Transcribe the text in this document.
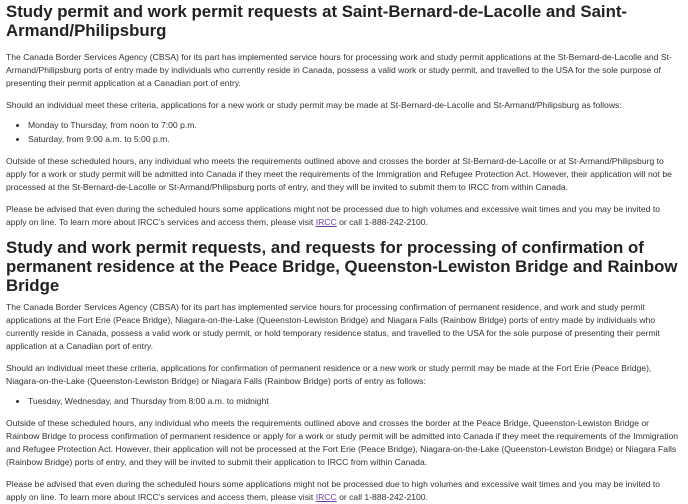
Study permit and work permit requests at Saint-Bernard-de-Lacolle and Saint-Armand/Philipsburg

The Canada Border Services Agency (CBSA) for its part has implemented service hours for processing work and study permit applications at the St-Bernard-de-Lacolle and St-Armand/Philipsburg ports of entry made by individuals who currently reside in Canada, possess a valid work or study permit, and travelled to the USA for the sole purpose of presenting their permit application at a Canadian port of entry.

Should an individual meet these criteria, applications for a new work or study permit may be made at St-Bernard-de-Lacolle and St-Armand/Philipsburg as follows:

• Monday to Thursday, from noon to 7:00 p.m.
• Saturday, from 9:00 a.m. to 5:00 p.m.

Outside of these scheduled hours, any individual who meets the requirements outlined above and crosses the border at St-Bernard-de-Lacolle or at St-Armand/Philipsburg to apply for a work or study permit will be admitted into Canada if they meet the requirements of the Immigration and Refugee Protection Act. However, their application will not be processed at the St-Bernard-de-Lacolle or St-Armand/Philipsburg ports of entry, and they will be invited to submit them to IRCC from within Canada.

Please be advised that even during the scheduled hours some applications might not be processed due to high volumes and excessive wait times and you may be invited to apply on line. To learn more about IRCC’s services and access them, please visit IRCC or call 1-888-242-2100.

Study and work permit requests, and requests for processing of confirmation of permanent residence at the Peace Bridge, Queenston-Lewiston Bridge and Rainbow Bridge

The Canada Border Services Agency (CBSA) for its part has implemented service hours for processing confirmation of permanent residence, and work and study permit applications at the Fort Erie (Peace Bridge), Niagara-on-the-Lake (Queenston-Lewiston Bridge) and Niagara Falls (Rainbow Bridge) ports of entry made by individuals who currently reside in Canada, possess a valid work or study permit, or hold temporary residence status, and travelled to the USA for the sole purpose of presenting their permit application at a Canadian port of entry.

Should an individual meet these criteria, applications for confirmation of permanent residence or a new work or study permit may be made at the Fort Erie (Peace Bridge), Niagara-on-the-Lake (Queenston-Lewiston Bridge) or Niagara Falls (Rainbow Bridge) ports of entry as follows:

• Tuesday, Wednesday, and Thursday from 8:00 a.m. to midnight

Outside of these scheduled hours, any individual who meets the requirements outlined above and crosses the border at the Peace Bridge, Queenston-Lewiston Bridge or Rainbow Bridge to process confirmation of permanent residence or apply for a work or study permit will be admitted into Canada if they meet the requirements of the Immigration and Refugee Protection Act. However, their application will not be processed at the Fort Erie (Peace Bridge), Niagara-on-the-Lake (Queenston-Lewiston Bridge) or Niagara Falls (Rainbow Bridge) ports of entry, and they will be invited to submit their application to IRCC from within Canada.

Please be advised that even during the scheduled hours some applications might not be processed due to high volumes and excessive wait times and you may be invited to apply on line. To learn more about IRCC’s services and access them, please visit IRCC or call 1-888-242-2100.
